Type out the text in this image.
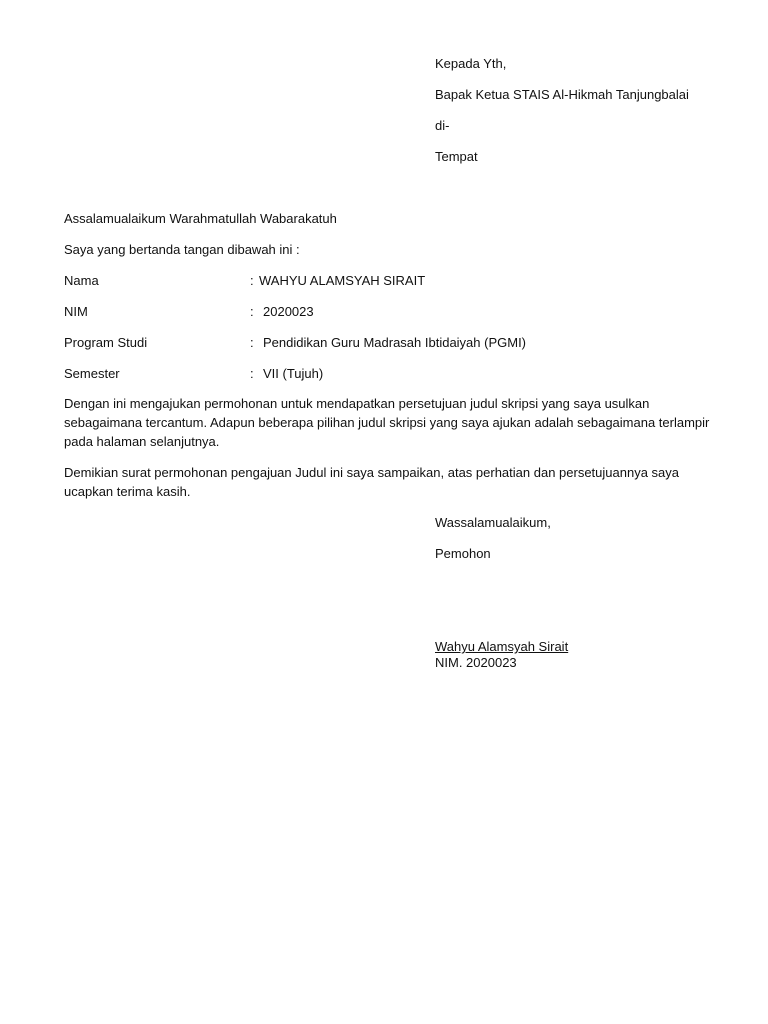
Kepada Yth,
Bapak Ketua STAIS Al-Hikmah Tanjungbalai
di-
Tempat
Assalamualaikum Warahmatullah Wabarakatuh
Saya yang bertanda tangan dibawah ini :
Nama	: WAHYU ALAMSYAH SIRAIT
NIM	: 2020023
Program Studi	: Pendidikan Guru Madrasah Ibtidaiyah (PGMI)
Semester	: VII (Tujuh)
Dengan ini mengajukan permohonan untuk mendapatkan persetujuan judul skripsi yang saya usulkan
sebagaimana tercantum. Adapun beberapa pilihan judul skripsi yang saya ajukan adalah sebagaimana terlampir
pada halaman selanjutnya.
Demikian surat permohonan pengajuan Judul ini saya sampaikan, atas perhatian dan persetujuannya saya
ucapkan terima kasih.
Wassalamualaikum,
Pemohon
Wahyu Alamsyah Sirait
NIM. 2020023
